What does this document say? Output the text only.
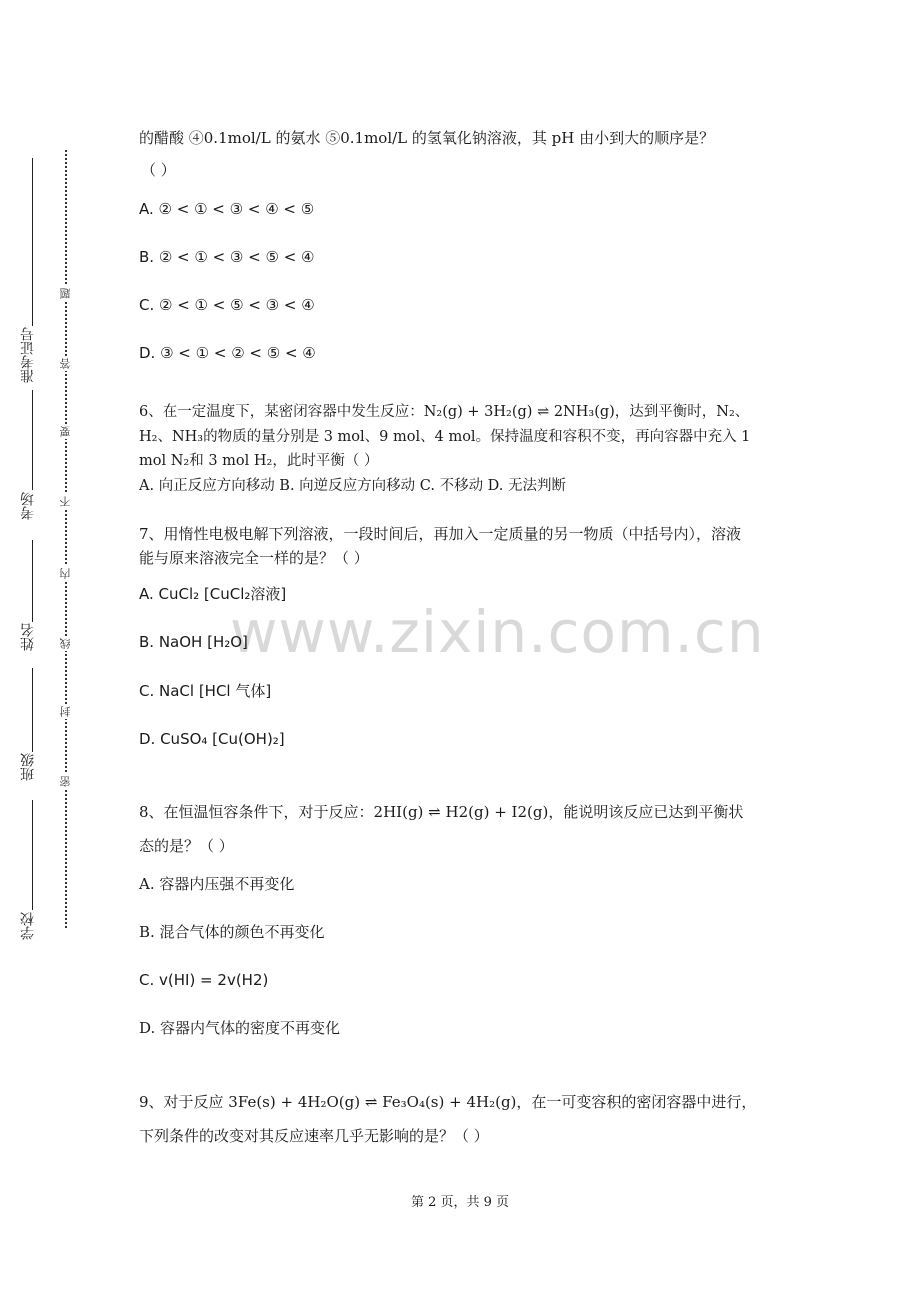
准考证号
考场
姓名
班级
学校
题
答
要
不
内
线
封
密
www.zixin.com.cn
的醋酸 ④0.1mol/L 的氨水 ⑤0.1mol/L 的氢氧化钠溶液，其 pH 由小到大的顺序是？
（ ）
A. ② < ① < ③ < ④ < ⑤
B. ② < ① < ③ < ⑤ < ④
C. ② < ① < ⑤ < ③ < ④
D. ③ < ① < ② < ⑤ < ④
6、在一定温度下，某密闭容器中发生反应：N₂(g) + 3H₂(g) ⇌ 2NH₃(g)，达到平衡时，N₂、
H₂、NH₃的物质的量分别是 3 mol、9 mol、4 mol。保持温度和容积不变，再向容器中充入 1
mol N₂和 3 mol H₂，此时平衡（ ）
A. 向正反应方向移动 B. 向逆反应方向移动 C. 不移动 D. 无法判断
7、用惰性电极电解下列溶液，一段时间后，再加入一定质量的另一物质（中括号内），溶液
能与原来溶液完全一样的是？（ ）
A. CuCl₂ [CuCl₂溶液]
B. NaOH [H₂O]
C. NaCl [HCl 气体]
D. CuSO₄ [Cu(OH)₂]
8、在恒温恒容条件下，对于反应：2HI(g) ⇌ H2(g) + I2(g)，能说明该反应已达到平衡状
态的是？（ ）
A. 容器内压强不再变化
B. 混合气体的颜色不再变化
C. v(HI) = 2v(H2)
D. 容器内气体的密度不再变化
9、对于反应 3Fe(s) + 4H₂O(g) ⇌ Fe₃O₄(s) + 4H₂(g)，在一可变容积的密闭容器中进行，
下列条件的改变对其反应速率几乎无影响的是？（ ）
第 2 页，共 9 页
